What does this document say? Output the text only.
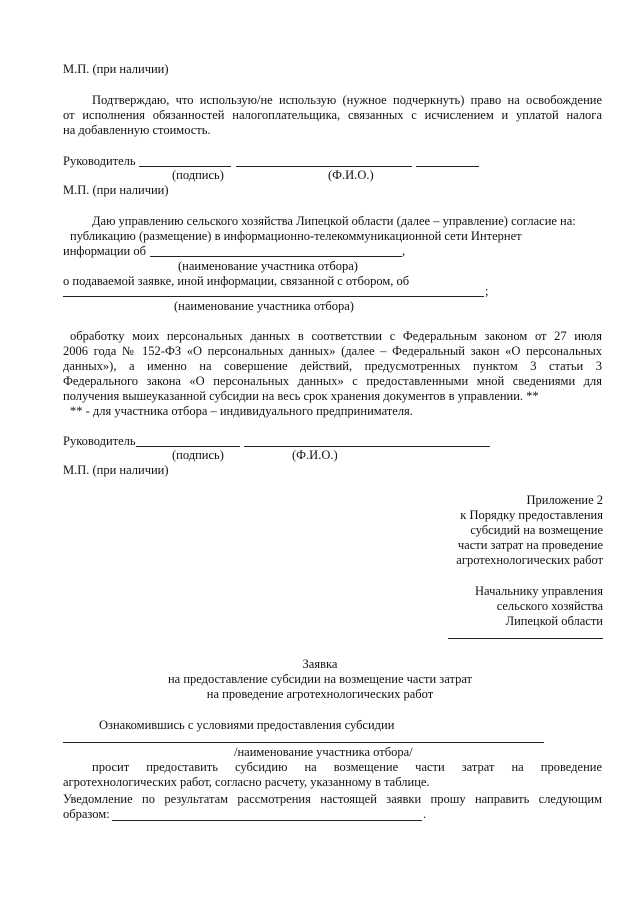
М.П. (при наличии)
Подтверждаю, что использую/не использую (нужное подчеркнуть) право на освобождение
от исполнения обязанностей налогоплательщика, связанных с исчислением и уплатой налога
на добавленную стоимость.
Руководитель
(подпись)	(Ф.И.О.)
М.П. (при наличии)
Даю управлению сельского хозяйства Липецкой области (далее – управление) согласие на:
публикацию (размещение) в информационно-телекоммуникационной сети Интернет
информации об	,
(наименование участника отбора)
о подаваемой заявке, иной информации, связанной с отбором, об
;
(наименование участника отбора)
обработку моих персональных данных в соответствии с Федеральным законом от 27 июля
2006 года № 152-ФЗ «О персональных данных» (далее – Федеральный закон «О персональных
данных»), а именно на совершение действий, предусмотренных пунктом 3 статьи 3
Федерального закона «О персональных данных» с предоставленными мной сведениями для
получения вышеуказанной субсидии на весь срок хранения документов в управлении. **
** - для участника отбора – индивидуального предпринимателя.
Руководитель
(подпись)	(Ф.И.О.)
М.П. (при наличии)
Приложение 2
к Порядку предоставления
субсидий на возмещение
части затрат на проведение
агротехнологических работ
Начальнику управления
сельского хозяйства
Липецкой области
Заявка
на предоставление субсидии на возмещение части затрат
на проведение агротехнологических работ
Ознакомившись с условиями предоставления субсидии
/наименование участника отбора/
просит предоставить субсидию на возмещение части затрат на проведение
агротехнологических работ, согласно расчету, указанному в таблице.
Уведомление по результатам рассмотрения настоящей заявки прошу направить следующим
образом:	.
